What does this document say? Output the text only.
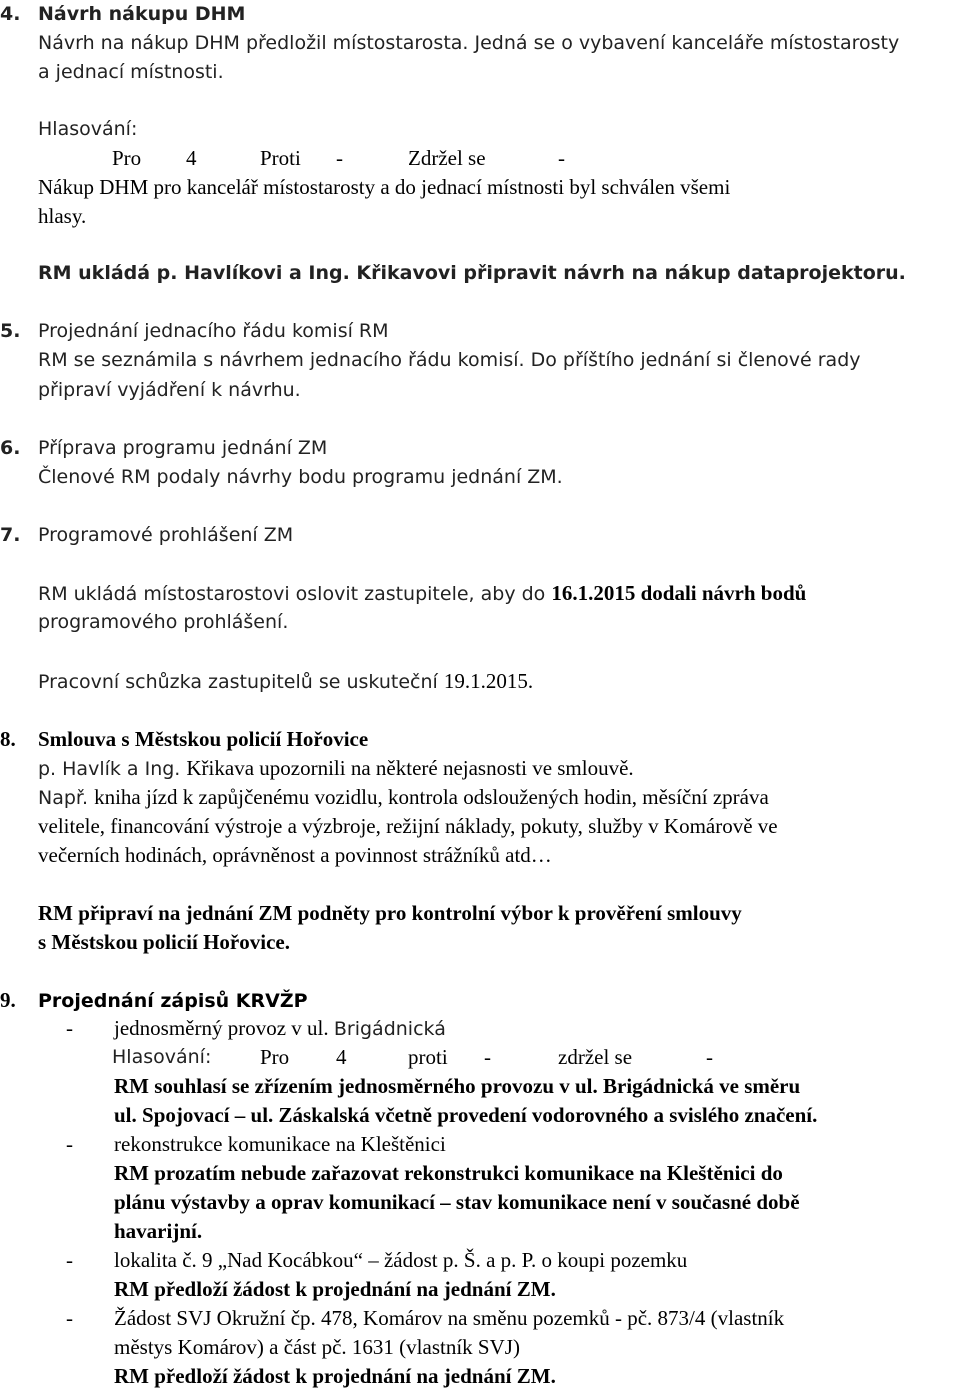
4. Návrh nákupu DHM
Návrh na nákup DHM předložil místostarosta. Jedná se o vybavení kanceláře místostarosty
a jednací místnosti.
Hlasování:
Pro 4	Proti -	Zdržel se	-
Nákup DHM pro kancelář místostarosty a do jednací místnosti byl schválen všemi
hlasy.
RM ukládá p. Havlíkovi a Ing. Křikavovi připravit návrh na nákup dataprojektoru.
5. Projednání jednacího řádu komisí RM
RM se seznámila s návrhem jednacího řádu komisí. Do příštího jednání si členové rady
připraví vyjádření k návrhu.
6. Příprava programu jednání ZM
Členové RM podaly návrhy bodu programu jednání ZM.
7. Programové prohlášení ZM
RM ukládá místostarostovi oslovit zastupitele, aby do 16.1.2015 dodali návrh bodů
programového prohlášení.
Pracovní schůzka zastupitelů se uskuteční 19.1.2015.
8. Smlouva s Městskou policií Hořovice
p. Havlík a Ing. Křikava upozornili na některé nejasnosti ve smlouvě.
Např. kniha jízd k zapůjčenému vozidlu, kontrola odsloužených hodin, měsíční zpráva
velitele, financování výstroje a výzbroje, režijní náklady, pokuty, služby v Komárově ve
večerních hodinách, oprávněnost a povinnost strážníků atd…
RM připraví na jednání ZM podněty pro kontrolní výbor k prověření smlouvy
s Městskou policií Hořovice.
9. Projednání zápisů KRVŽP
- jednosměrný provoz v ul. Brigádnická
Hlasování: Pro 4	proti -	zdržel se	-
RM souhlasí se zřízením jednosměrného provozu v ul. Brigádnická ve směru
ul. Spojovací – ul. Záskalská včetně provedení vodorovného a svislého značení.
- rekonstrukce komunikace na Kleštěnici
RM prozatím nebude zařazovat rekonstrukci komunikace na Kleštěnici do
plánu výstavby a oprav komunikací – stav komunikace není v současné době
havarijní.
- lokalita č. 9 „Nad Kocábkou“ – žádost p. Š. a p. P. o koupi pozemku
RM předloží žádost k projednání na jednání ZM.
- Žádost SVJ Okružní čp. 478, Komárov na směnu pozemků - pč. 873/4 (vlastník
městys Komárov) a část pč. 1631 (vlastník SVJ)
RM předloží žádost k projednání na jednání ZM.
